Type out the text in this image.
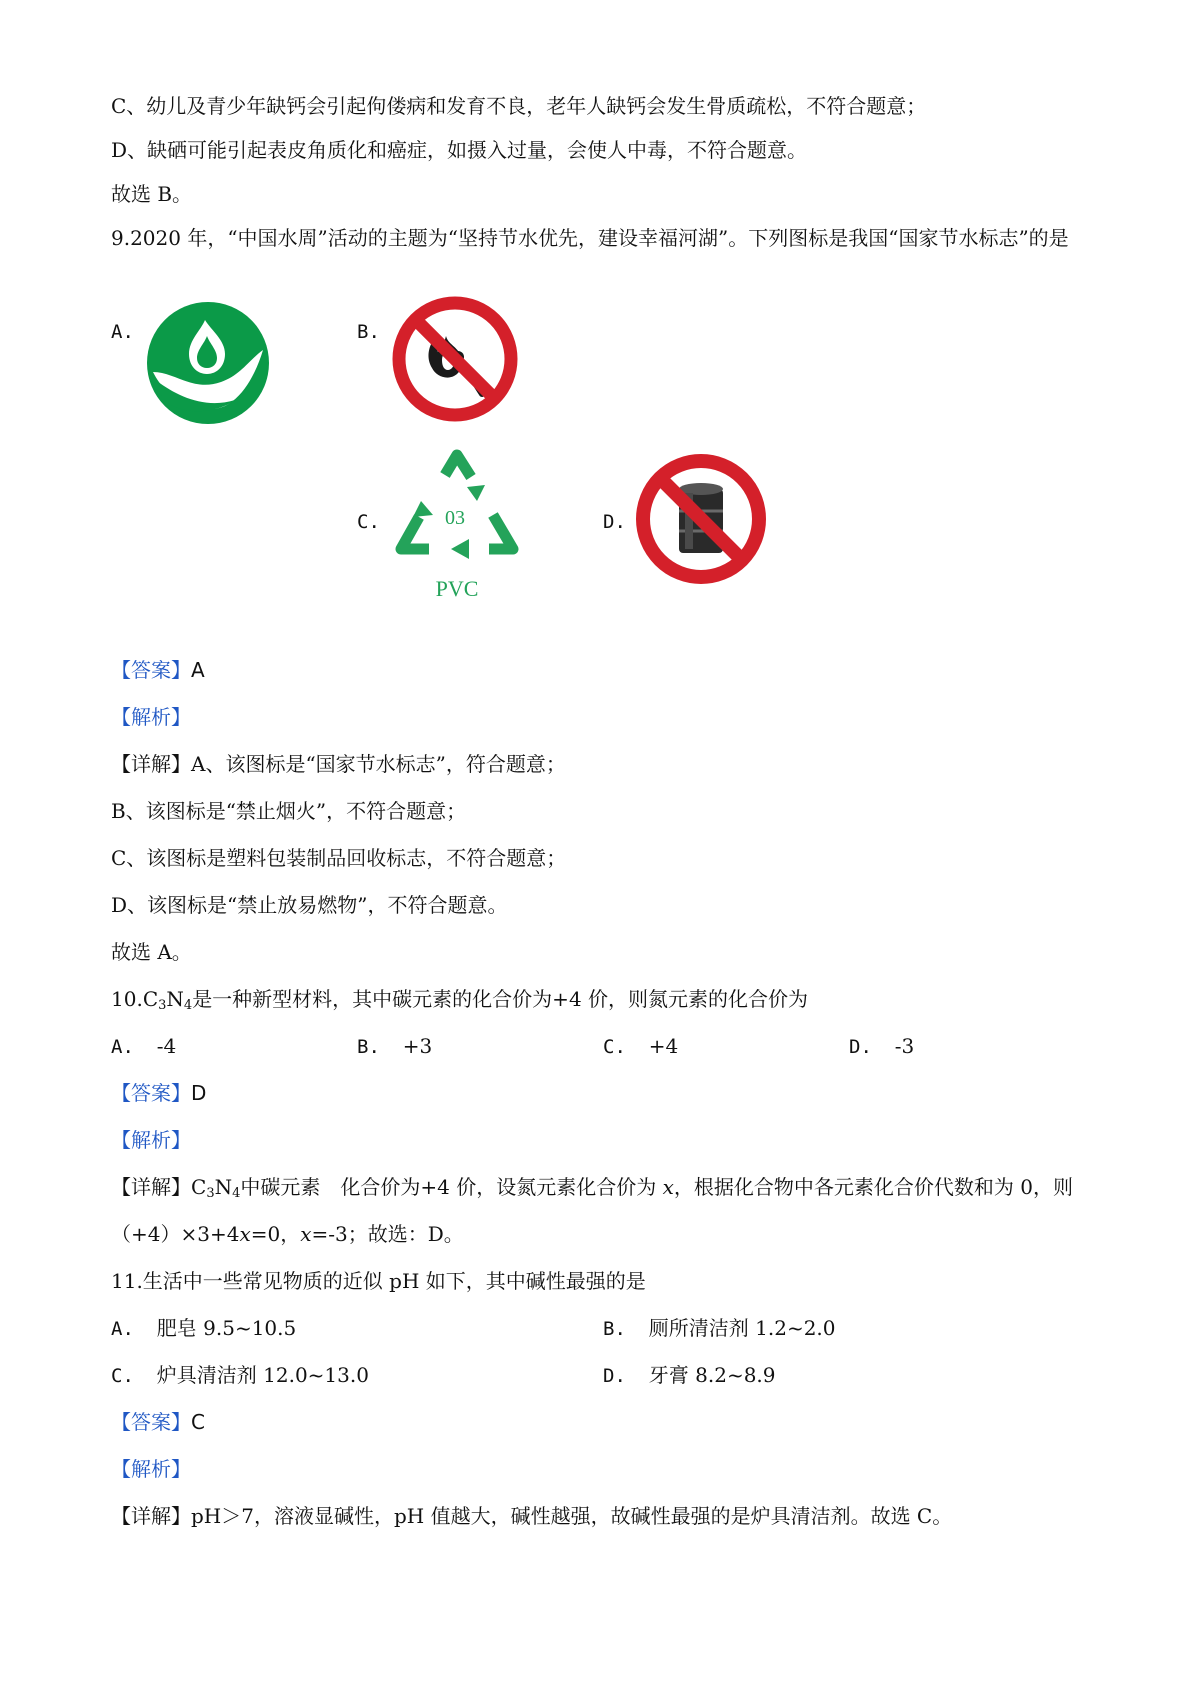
C、幼儿及青少年缺钙会引起佝偻病和发育不良，老年人缺钙会发生骨质疏松，不符合题意；
D、缺硒可能引起表皮角质化和癌症，如摄入过量，会使人中毒，不符合题意。
故选 B。
9.2020 年，“中国水周”活动的主题为“坚持节水优先，建设幸福河湖”。下列图标是我国“国家节水标志”的是
A.	B.
C.	03
PVC
D.
【答案】A
【解析】
【详解】A、该图标是“国家节水标志”，符合题意；
B、该图标是“禁止烟火”，不符合题意；
C、该图标是塑料包装制品回收标志，不符合题意；
D、该图标是“禁止放易燃物”，不符合题意。
故选 A。
$10.C_3N_4$是一种新型材料，其中碳元素的化合价为+4 价，则氮元素的化合价为
A. -4	B. +3	C. +4	D. -3
【答案】D
【解析】
【详解】$C_3N_4$中碳元素　化合价为+4 价，设氮元素化合价为 x，根据化合物中各元素化合价代数和为 0，则
（+4）×3+4x=0，x=-3；故选：D。
11.生活中一些常见物质的近似 pH 如下，其中碱性最强的是
A. 肥皂 9.5~10.5	B. 厕所清洁剂 1.2~2.0
C. 炉具清洁剂 12.0~13.0	D. 牙膏 8.2~8.9
【答案】C
【解析】
【详解】pH＞7，溶液显碱性，pH 值越大，碱性越强，故碱性最强的是炉具清洁剂。故选 C。
